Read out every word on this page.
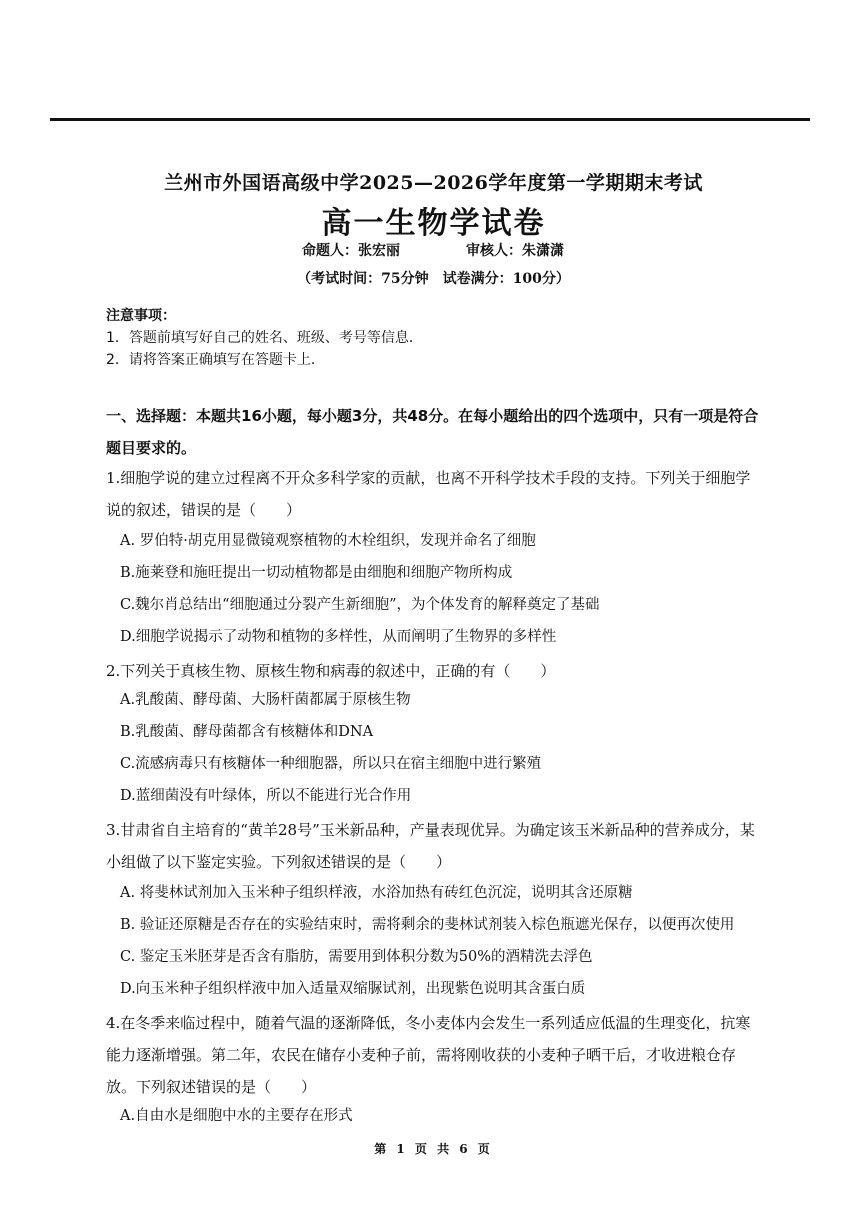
兰州市外国语高级中学2025—2026学年度第一学期期末考试
高一生物学试卷
命题人：张宏丽	审核人：朱潇潇
（考试时间：75分钟　试卷满分：100分）
注意事项：
1．答题前填写好自己的姓名、班级、考号等信息．
2．请将答案正确填写在答题卡上．
一、选择题：本题共16小题，每小题3分，共48分。在每小题给出的四个选项中，只有一项是符合题目要求的。
1.细胞学说的建立过程离不开众多科学家的贡献，也离不开科学技术手段的支持。下列关于细胞学说的叙述，错误的是（　　）
A. 罗伯特·胡克用显微镜观察植物的木栓组织，发现并命名了细胞
B.施莱登和施旺提出一切动植物都是由细胞和细胞产物所构成
C.魏尔肖总结出“细胞通过分裂产生新细胞”，为个体发育的解释奠定了基础
D.细胞学说揭示了动物和植物的多样性，从而阐明了生物界的多样性
2.下列关于真核生物、原核生物和病毒的叙述中，正确的有（　　）
A.乳酸菌、酵母菌、大肠杆菌都属于原核生物
B.乳酸菌、酵母菌都含有核糖体和DNA
C.流感病毒只有核糖体一种细胞器，所以只在宿主细胞中进行繁殖
D.蓝细菌没有叶绿体，所以不能进行光合作用
3.甘肃省自主培育的“黄羊28号”玉米新品种，产量表现优异。为确定该玉米新品种的营养成分，某小组做了以下鉴定实验。下列叙述错误的是（　　）
A. 将斐林试剂加入玉米种子组织样液，水浴加热有砖红色沉淀，说明其含还原糖
B. 验证还原糖是否存在的实验结束时，需将剩余的斐林试剂装入棕色瓶遮光保存，以便再次使用
C. 鉴定玉米胚芽是否含有脂肪，需要用到体积分数为50%的酒精洗去浮色
D.向玉米种子组织样液中加入适量双缩脲试剂，出现紫色说明其含蛋白质
4.在冬季来临过程中，随着气温的逐渐降低，冬小麦体内会发生一系列适应低温的生理变化，抗寒能力逐渐增强。第二年，农民在储存小麦种子前，需将刚收获的小麦种子晒干后，才收进粮仓存放。下列叙述错误的是（　　）
A.自由水是细胞中水的主要存在形式
第 1 页 共 6 页
